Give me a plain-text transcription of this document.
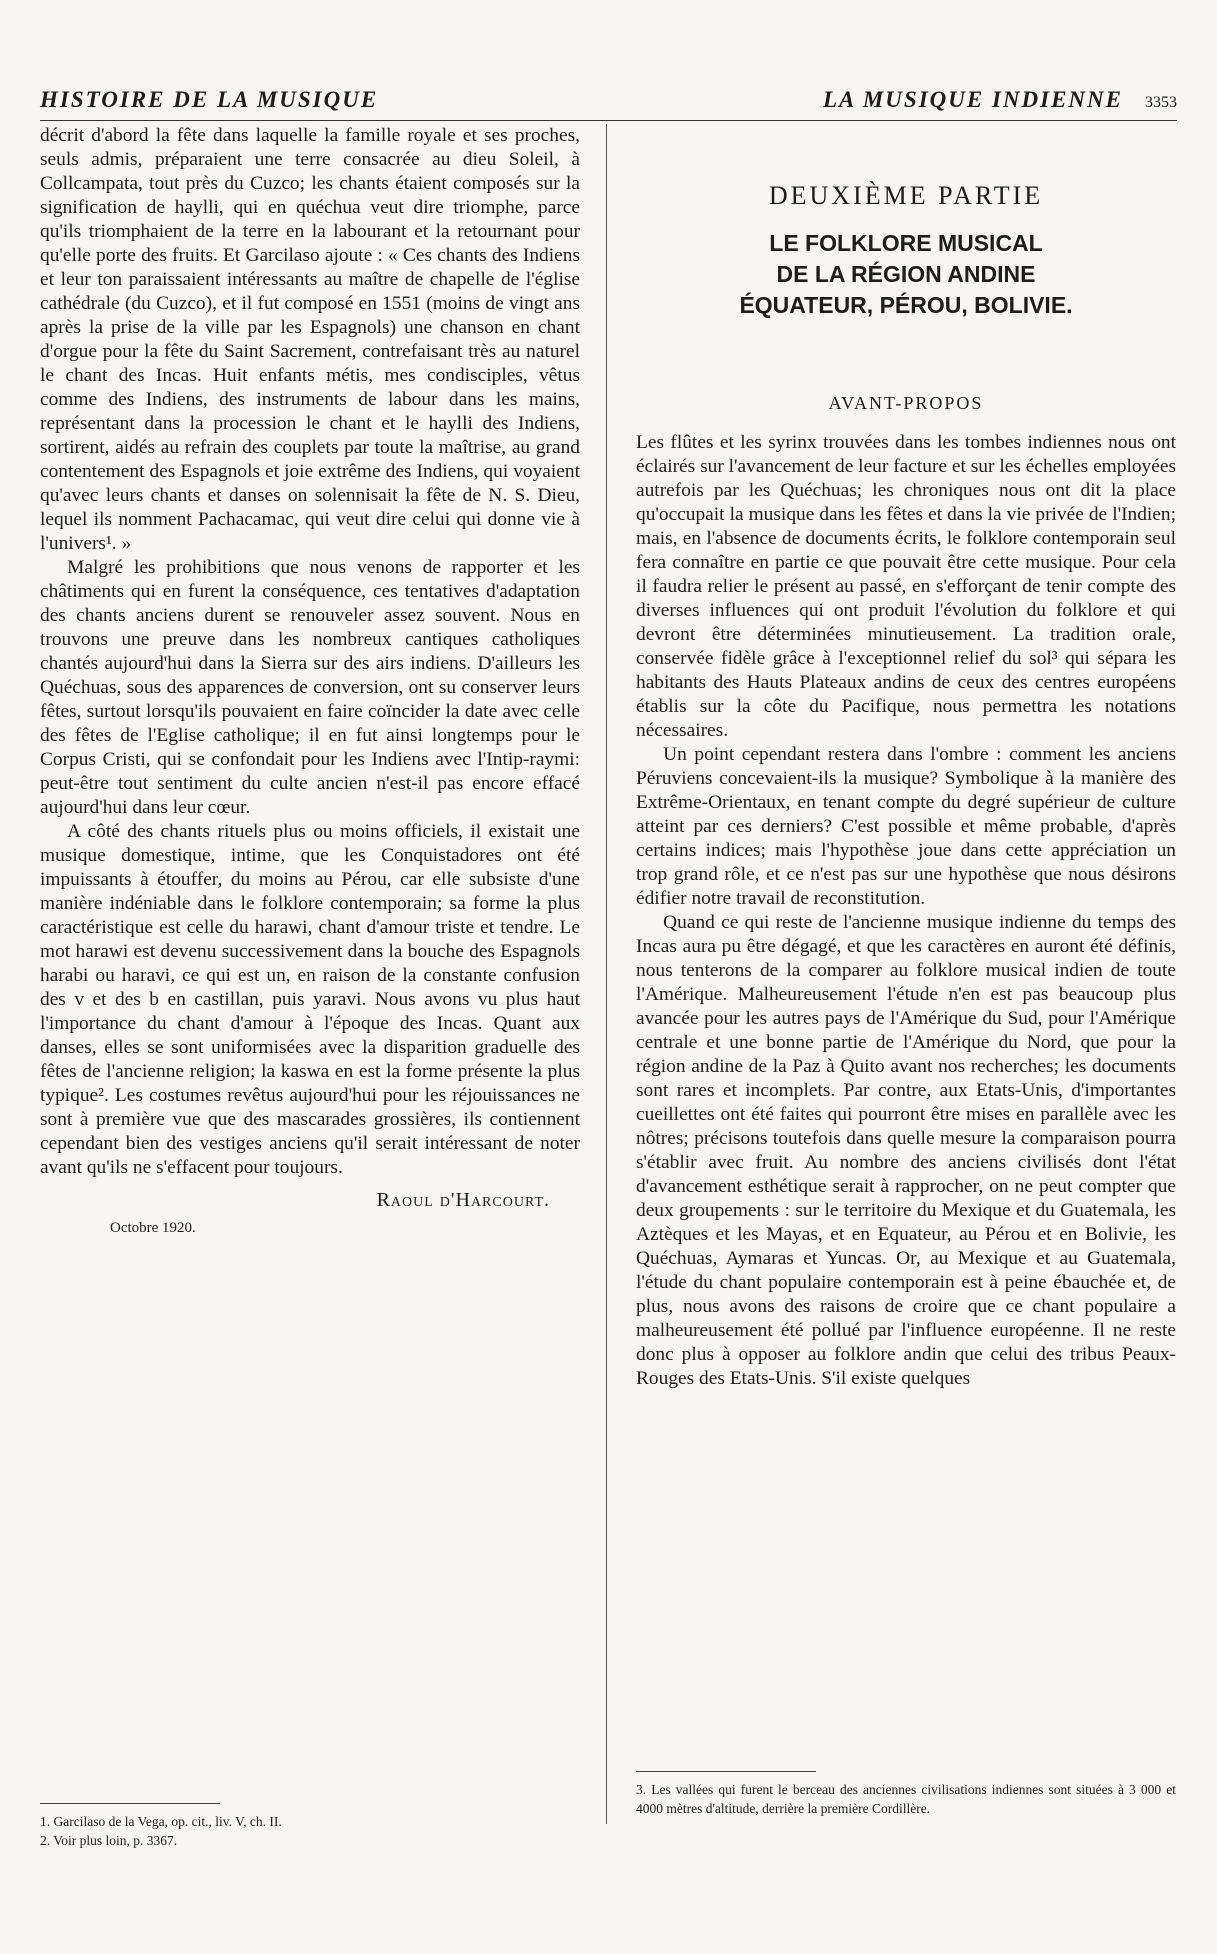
HISTOIRE DE LA MUSIQUE	LA MUSIQUE INDIENNE 3353

décrit d'abord la fête dans laquelle la famille royale et ses proches, seuls admis, préparaient une terre consacrée au dieu Soleil, à Collcampata, tout près du Cuzco; les chants étaient composés sur la signification de haylli, qui en quéchua veut dire triomphe, parce qu'ils triomphaient de la terre en la labourant et la retournant pour qu'elle porte des fruits. Et Garcilaso ajoute : « Ces chants des Indiens et leur ton paraissaient intéressants au maître de chapelle de l'église cathédrale (du Cuzco), et il fut composé en 1551 (moins de vingt ans après la prise de la ville par les Espagnols) une chanson en chant d'orgue pour la fête du Saint Sacrement, contrefaisant très au naturel le chant des Incas. Huit enfants métis, mes condisciples, vêtus comme des Indiens, des instruments de labour dans les mains, représentant dans la procession le chant et le haylli des Indiens, sortirent, aidés au refrain des couplets par toute la maîtrise, au grand contentement des Espagnols et joie extrême des Indiens, qui voyaient qu'avec leurs chants et danses on solennisait la fête de N. S. Dieu, lequel ils nomment Pachacamac, qui veut dire celui qui donne vie à l'univers¹. »

Malgré les prohibitions que nous venons de rapporter et les châtiments qui en furent la conséquence, ces tentatives d'adaptation des chants anciens durent se renouveler assez souvent. Nous en trouvons une preuve dans les nombreux cantiques catholiques chantés aujourd'hui dans la Sierra sur des airs indiens. D'ailleurs les Quéchuas, sous des apparences de conversion, ont su conserver leurs fêtes, surtout lorsqu'ils pouvaient en faire coïncider la date avec celle des fêtes de l'Eglise catholique; il en fut ainsi longtemps pour le Corpus Cristi, qui se confondait pour les Indiens avec l'Intip-raymi: peut-être tout sentiment du culte ancien n'est-il pas encore effacé aujourd'hui dans leur cœur.

A côté des chants rituels plus ou moins officiels, il existait une musique domestique, intime, que les Conquistadores ont été impuissants à étouffer, du moins au Pérou, car elle subsiste d'une manière indéniable dans le folklore contemporain; sa forme la plus caractéristique est celle du harawi, chant d'amour triste et tendre. Le mot harawi est devenu successivement dans la bouche des Espagnols harabi ou haravi, ce qui est un, en raison de la constante confusion des v et des b en castillan, puis yaravi. Nous avons vu plus haut l'importance du chant d'amour à l'époque des Incas. Quant aux danses, elles se sont uniformisées avec la disparition graduelle des fêtes de l'ancienne religion; la kaswa en est la forme présente la plus typique². Les costumes revêtus aujourd'hui pour les réjouissances ne sont à première vue que des mascarades grossières, ils contiennent cependant bien des vestiges anciens qu'il serait intéressant de noter avant qu'ils ne s'effacent pour toujours.

Raoul d'Harcourt.
Octobre 1920.
DEUXIÈME PARTIE
LE FOLKLORE MUSICAL
DE LA RÉGION ANDINE
ÉQUATEUR, PÉROU, BOLIVIE.
AVANT-PROPOS

Les flûtes et les syrinx trouvées dans les tombes indiennes nous ont éclairés sur l'avancement de leur facture et sur les échelles employées autrefois par les Quéchuas; les chroniques nous ont dit la place qu'occupait la musique dans les fêtes et dans la vie privée de l'Indien; mais, en l'absence de documents écrits, le folklore contemporain seul fera connaître en partie ce que pouvait être cette musique. Pour cela il faudra relier le présent au passé, en s'efforçant de tenir compte des diverses influences qui ont produit l'évolution du folklore et qui devront être déterminées minutieusement. La tradition orale, conservée fidèle grâce à l'exceptionnel relief du sol³ qui sépara les habitants des Hauts Plateaux andins de ceux des centres européens établis sur la côte du Pacifique, nous permettra les notations nécessaires.

Un point cependant restera dans l'ombre : comment les anciens Péruviens concevaient-ils la musique? Symbolique à la manière des Extrême-Orientaux, en tenant compte du degré supérieur de culture atteint par ces derniers? C'est possible et même probable, d'après certains indices; mais l'hypothèse joue dans cette appréciation un trop grand rôle, et ce n'est pas sur une hypothèse que nous désirons édifier notre travail de reconstitution.

Quand ce qui reste de l'ancienne musique indienne du temps des Incas aura pu être dégagé, et que les caractères en auront été définis, nous tenterons de la comparer au folklore musical indien de toute l'Amérique. Malheureusement l'étude n'en est pas beaucoup plus avancée pour les autres pays de l'Amérique du Sud, pour l'Amérique centrale et une bonne partie de l'Amérique du Nord, que pour la région andine de la Paz à Quito avant nos recherches; les documents sont rares et incomplets. Par contre, aux Etats-Unis, d'importantes cueillettes ont été faites qui pourront être mises en parallèle avec les nôtres; précisons toutefois dans quelle mesure la comparaison pourra s'établir avec fruit. Au nombre des anciens civilisés dont l'état d'avancement esthétique serait à rapprocher, on ne peut compter que deux groupements : sur le territoire du Mexique et du Guatemala, les Aztèques et les Mayas, et en Equateur, au Pérou et en Bolivie, les Quéchuas, Aymaras et Yuncas. Or, au Mexique et au Guatemala, l'étude du chant populaire contemporain est à peine ébauchée et, de plus, nous avons des raisons de croire que ce chant populaire a malheureusement été pollué par l'influence européenne. Il ne reste donc plus à opposer au folklore andin que celui des tribus Peaux-Rouges des Etats-Unis. S'il existe quelques

1. Garcilaso de la Vega, op. cit., liv. V, ch. II.

2. Voir plus loin, p. 3367.

3. Les vallées qui furent le berceau des anciennes civilisations indiennes sont situées à 3 000 et 4000 mètres d'altitude, derrière la première Cordillère.
